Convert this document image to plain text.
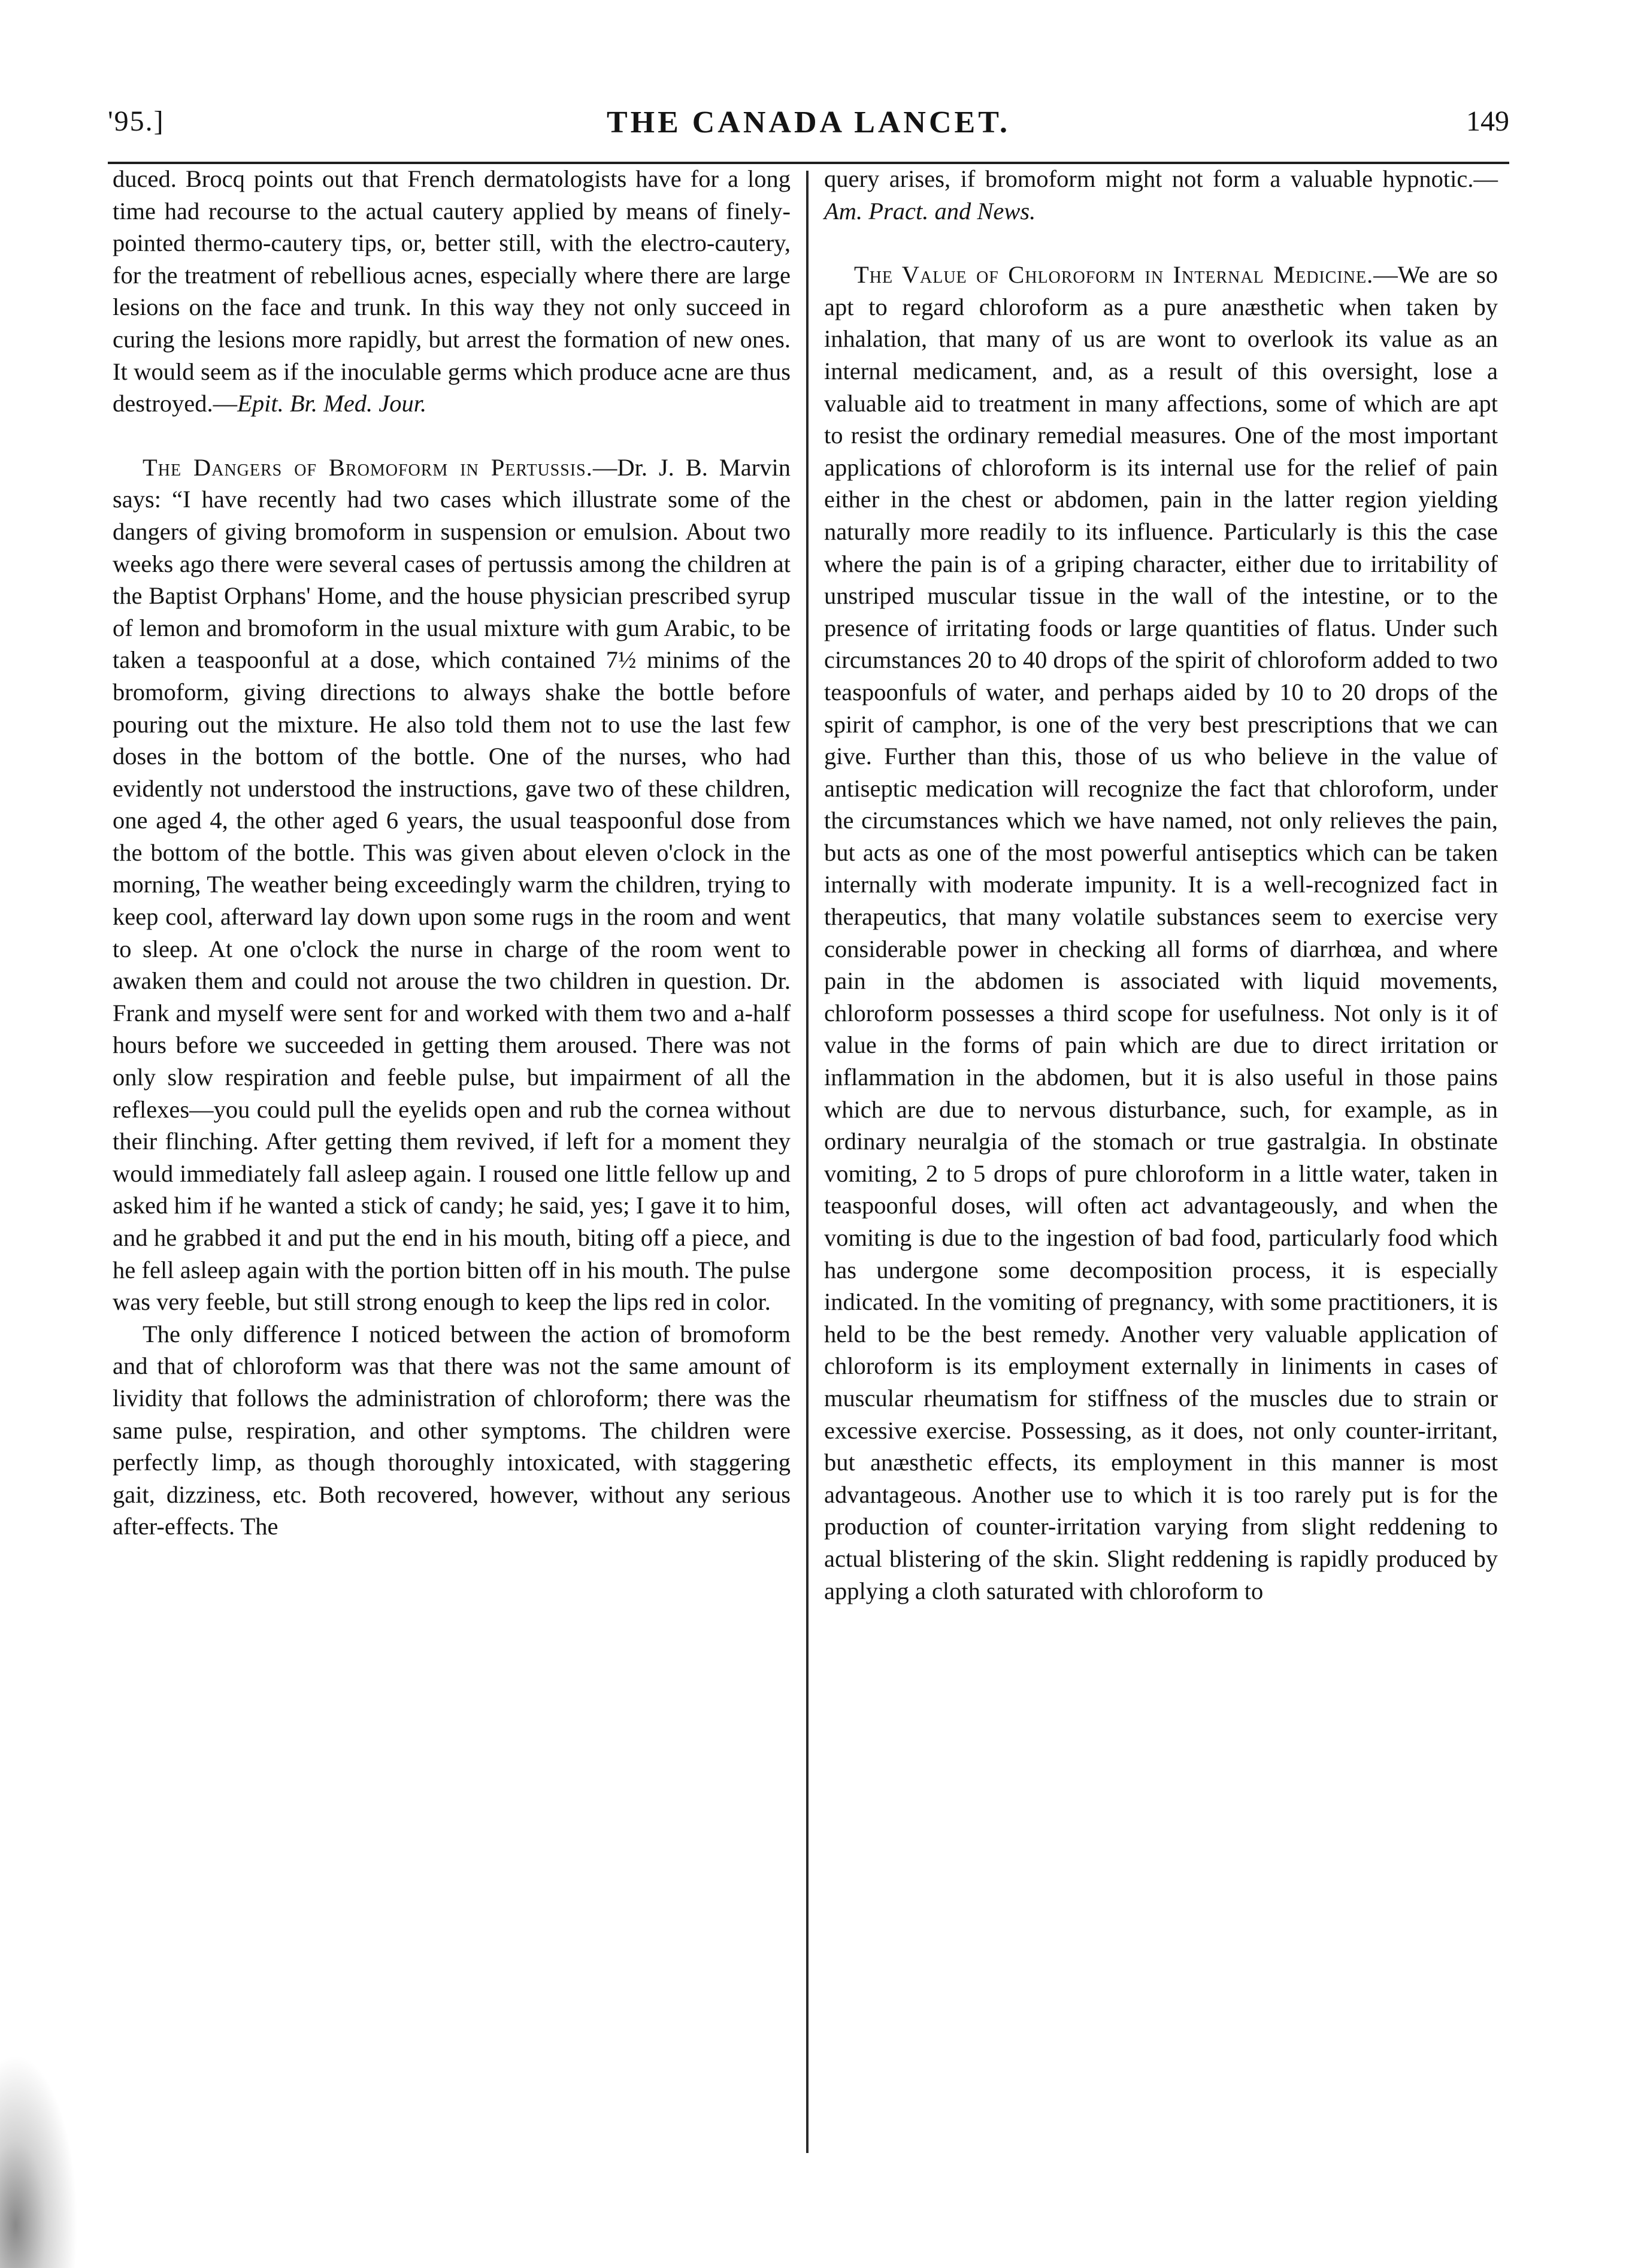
'95.]	THE CANADA LANCET.	149

duced. Brocq points out that French dermatologists have for a long time had recourse to the actual cautery applied by means of finely-pointed thermo-cautery tips, or, better still, with the electro-cautery, for the treatment of rebellious acnes, especially where there are large lesions on the face and trunk. In this way they not only succeed in curing the lesions more rapidly, but arrest the formation of new ones. It would seem as if the inoculable germs which produce acne are thus destroyed.—Epit. Br. Med. Jour.

The Dangers of Bromoform in Pertussis.—Dr. J. B. Marvin says: “I have recently had two cases which illustrate some of the dangers of giving bromoform in suspension or emulsion. About two weeks ago there were several cases of pertussis among the children at the Baptist Orphans' Home, and the house physician prescribed syrup of lemon and bromoform in the usual mixture with gum Arabic, to be taken a teaspoonful at a dose, which contained 7½ minims of the bromoform, giving directions to always shake the bottle before pouring out the mixture. He also told them not to use the last few doses in the bottom of the bottle. One of the nurses, who had evidently not understood the instructions, gave two of these children, one aged 4, the other aged 6 years, the usual teaspoonful dose from the bottom of the bottle. This was given about eleven o'clock in the morning, The weather being exceedingly warm the children, trying to keep cool, afterward lay down upon some rugs in the room and went to sleep. At one o'clock the nurse in charge of the room went to awaken them and could not arouse the two children in question. Dr. Frank and myself were sent for and worked with them two and a-half hours before we succeeded in getting them aroused. There was not only slow respiration and feeble pulse, but impairment of all the reflexes—you could pull the eyelids open and rub the cornea without their flinching. After getting them revived, if left for a moment they would immediately fall asleep again. I roused one little fellow up and asked him if he wanted a stick of candy; he said, yes; I gave it to him, and he grabbed it and put the end in his mouth, biting off a piece, and he fell asleep again with the portion bitten off in his mouth. The pulse was very feeble, but still strong enough to keep the lips red in color.

The only difference I noticed between the action of bromoform and that of chloroform was that there was not the same amount of lividity that follows the administration of chloroform; there was the same pulse, respiration, and other symptoms. The children were perfectly limp, as though thoroughly intoxicated, with staggering gait, dizziness, etc. Both recovered, however, without any serious after-effects. The

query arises, if bromoform might not form a valuable hypnotic.—Am. Pract. and News.

The Value of Chloroform in Internal Medicine.—We are so apt to regard chloroform as a pure anæsthetic when taken by inhalation, that many of us are wont to overlook its value as an internal medicament, and, as a result of this oversight, lose a valuable aid to treatment in many affections, some of which are apt to resist the ordinary remedial measures. One of the most important applications of chloroform is its internal use for the relief of pain either in the chest or abdomen, pain in the latter region yielding naturally more readily to its influence. Particularly is this the case where the pain is of a griping character, either due to irritability of unstriped muscular tissue in the wall of the intestine, or to the presence of irritating foods or large quantities of flatus. Under such circumstances 20 to 40 drops of the spirit of chloroform added to two teaspoonfuls of water, and perhaps aided by 10 to 20 drops of the spirit of camphor, is one of the very best prescriptions that we can give. Further than this, those of us who believe in the value of antiseptic medication will recognize the fact that chloroform, under the circumstances which we have named, not only relieves the pain, but acts as one of the most powerful antiseptics which can be taken internally with moderate impunity. It is a well-recognized fact in therapeutics, that many volatile substances seem to exercise very considerable power in checking all forms of diarrhœa, and where pain in the abdomen is associated with liquid movements, chloroform possesses a third scope for usefulness. Not only is it of value in the forms of pain which are due to direct irritation or inflammation in the abdomen, but it is also useful in those pains which are due to nervous disturbance, such, for example, as in ordinary neuralgia of the stomach or true gastralgia. In obstinate vomiting, 2 to 5 drops of pure chloroform in a little water, taken in teaspoonful doses, will often act advantageously, and when the vomiting is due to the ingestion of bad food, particularly food which has undergone some decomposition process, it is especially indicated. In the vomiting of pregnancy, with some practitioners, it is held to be the best remedy. Another very valuable application of chloroform is its employment externally in liniments in cases of muscular rheumatism for stiffness of the muscles due to strain or excessive exercise. Possessing, as it does, not only counter-irritant, but anæsthetic effects, its employment in this manner is most advantageous. Another use to which it is too rarely put is for the production of counter-irritation varying from slight reddening to actual blistering of the skin. Slight reddening is rapidly produced by applying a cloth saturated with chloroform to
